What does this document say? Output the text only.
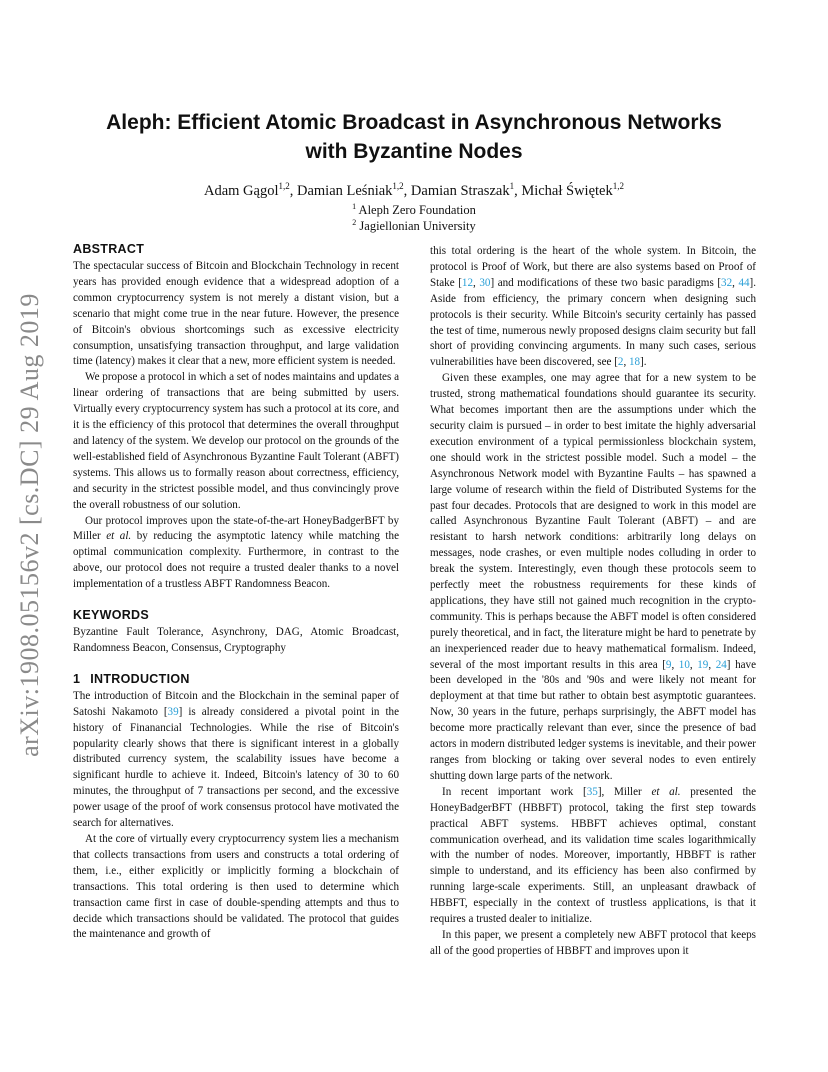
arXiv:1908.05156v2 [cs.DC] 29 Aug 2019
Aleph: Efficient Atomic Broadcast in Asynchronous Networks
with Byzantine Nodes
Adam Gągol$^{1,2}$, Damian Leśniak$^{1,2}$, Damian Straszak$^1$, Michał Świętek$^{1,2}$
$^1$ Aleph Zero Foundation
$^2$ Jagiellonian University
ABSTRACT

The spectacular success of Bitcoin and Blockchain Technology in recent years has provided enough evidence that a widespread adoption of a common cryptocurrency system is not merely a distant vision, but a scenario that might come true in the near future. However, the presence of Bitcoin's obvious shortcomings such as excessive electricity consumption, unsatisfying transaction throughput, and large validation time (latency) makes it clear that a new, more efficient system is needed.

We propose a protocol in which a set of nodes maintains and updates a linear ordering of transactions that are being submitted by users. Virtually every cryptocurrency system has such a protocol at its core, and it is the efficiency of this protocol that determines the overall throughput and latency of the system. We develop our protocol on the grounds of the well-established field of Asynchronous Byzantine Fault Tolerant (ABFT) systems. This allows us to formally reason about correctness, efficiency, and security in the strictest possible model, and thus convincingly prove the overall robustness of our solution.

Our protocol improves upon the state-of-the-art HoneyBadgerBFT by Miller et al. by reducing the asymptotic latency while matching the optimal communication complexity. Furthermore, in contrast to the above, our protocol does not require a trusted dealer thanks to a novel implementation of a trustless ABFT Randomness Beacon.

KEYWORDS

Byzantine Fault Tolerance, Asynchrony, DAG, Atomic Broadcast, Randomness Beacon, Consensus, Cryptography

1 INTRODUCTION

The introduction of Bitcoin and the Blockchain in the seminal paper of Satoshi Nakamoto [39] is already considered a pivotal point in the history of Finanancial Technologies. While the rise of Bitcoin's popularity clearly shows that there is significant interest in a globally distributed currency system, the scalability issues have become a significant hurdle to achieve it. Indeed, Bitcoin's latency of 30 to 60 minutes, the throughput of 7 transactions per second, and the excessive power usage of the proof of work consensus protocol have motivated the search for alternatives.

At the core of virtually every cryptocurrency system lies a mechanism that collects transactions from users and constructs a total ordering of them, i.e., either explicitly or implicitly forming a blockchain of transactions. This total ordering is then used to determine which transaction came first in case of double-spending attempts and thus to decide which transactions should be validated. The protocol that guides the maintenance and growth of

this total ordering is the heart of the whole system. In Bitcoin, the protocol is Proof of Work, but there are also systems based on Proof of Stake [12, 30] and modifications of these two basic paradigms [32, 44]. Aside from efficiency, the primary concern when designing such protocols is their security. While Bitcoin's security certainly has passed the test of time, numerous newly proposed designs claim security but fall short of providing convincing arguments. In many such cases, serious vulnerabilities have been discovered, see [2, 18].

Given these examples, one may agree that for a new system to be trusted, strong mathematical foundations should guarantee its security. What becomes important then are the assumptions under which the security claim is pursued – in order to best imitate the highly adversarial execution environment of a typical permissionless blockchain system, one should work in the strictest possible model. Such a model – the Asynchronous Network model with Byzantine Faults – has spawned a large volume of research within the field of Distributed Systems for the past four decades. Protocols that are designed to work in this model are called Asynchronous Byzantine Fault Tolerant (ABFT) – and are resistant to harsh network conditions: arbitrarily long delays on messages, node crashes, or even multiple nodes colluding in order to break the system. Interestingly, even though these protocols seem to perfectly meet the robustness requirements for these kinds of applications, they have still not gained much recognition in the crypto-community. This is perhaps because the ABFT model is often considered purely theoretical, and in fact, the literature might be hard to penetrate by an inexperienced reader due to heavy mathematical formalism. Indeed, several of the most important results in this area [9, 10, 19, 24] have been developed in the '80s and '90s and were likely not meant for deployment at that time but rather to obtain best asymptotic guarantees. Now, 30 years in the future, perhaps surprisingly, the ABFT model has become more practically relevant than ever, since the presence of bad actors in modern distributed ledger systems is inevitable, and their power ranges from blocking or taking over several nodes to even entirely shutting down large parts of the network.

In recent important work [35], Miller et al. presented the HoneyBadgerBFT (HBBFT) protocol, taking the first step towards practical ABFT systems. HBBFT achieves optimal, constant communication overhead, and its validation time scales logarithmically with the number of nodes. Moreover, importantly, HBBFT is rather simple to understand, and its efficiency has been also confirmed by running large-scale experiments. Still, an unpleasant drawback of HBBFT, especially in the context of trustless applications, is that it requires a trusted dealer to initialize.

In this paper, we present a completely new ABFT protocol that keeps all of the good properties of HBBFT and improves upon it
